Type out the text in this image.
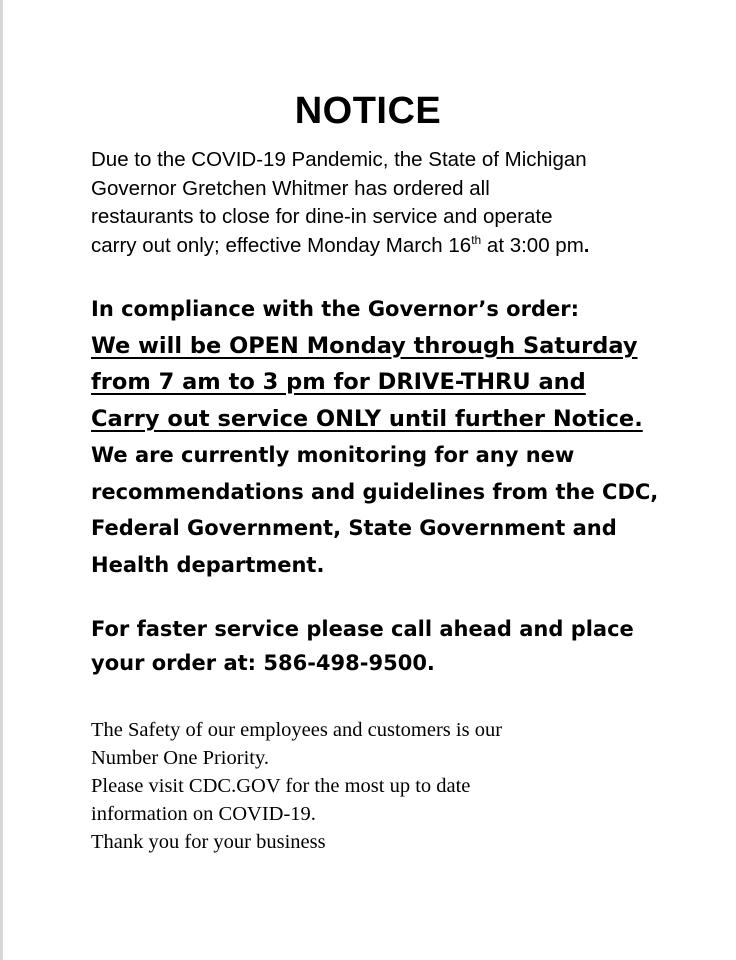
NOTICE
Due to the COVID-19 Pandemic, the State of Michigan
Governor Gretchen Whitmer has ordered all
restaurants to close for dine-in service and operate
carry out only; effective Monday March 16th at 3:00 pm.
In compliance with the Governor’s order:
We will be OPEN Monday through Saturday
from 7 am to 3 pm for DRIVE-THRU and
Carry out service ONLY until further Notice.
We are currently monitoring for any new
recommendations and guidelines from the CDC,
Federal Government, State Government and
Health department.
For faster service please call ahead and place
your order at: 586-498-9500.
The Safety of our employees and customers is our
Number One Priority.
Please visit CDC.GOV for the most up to date
information on COVID-19.
Thank you for your business
